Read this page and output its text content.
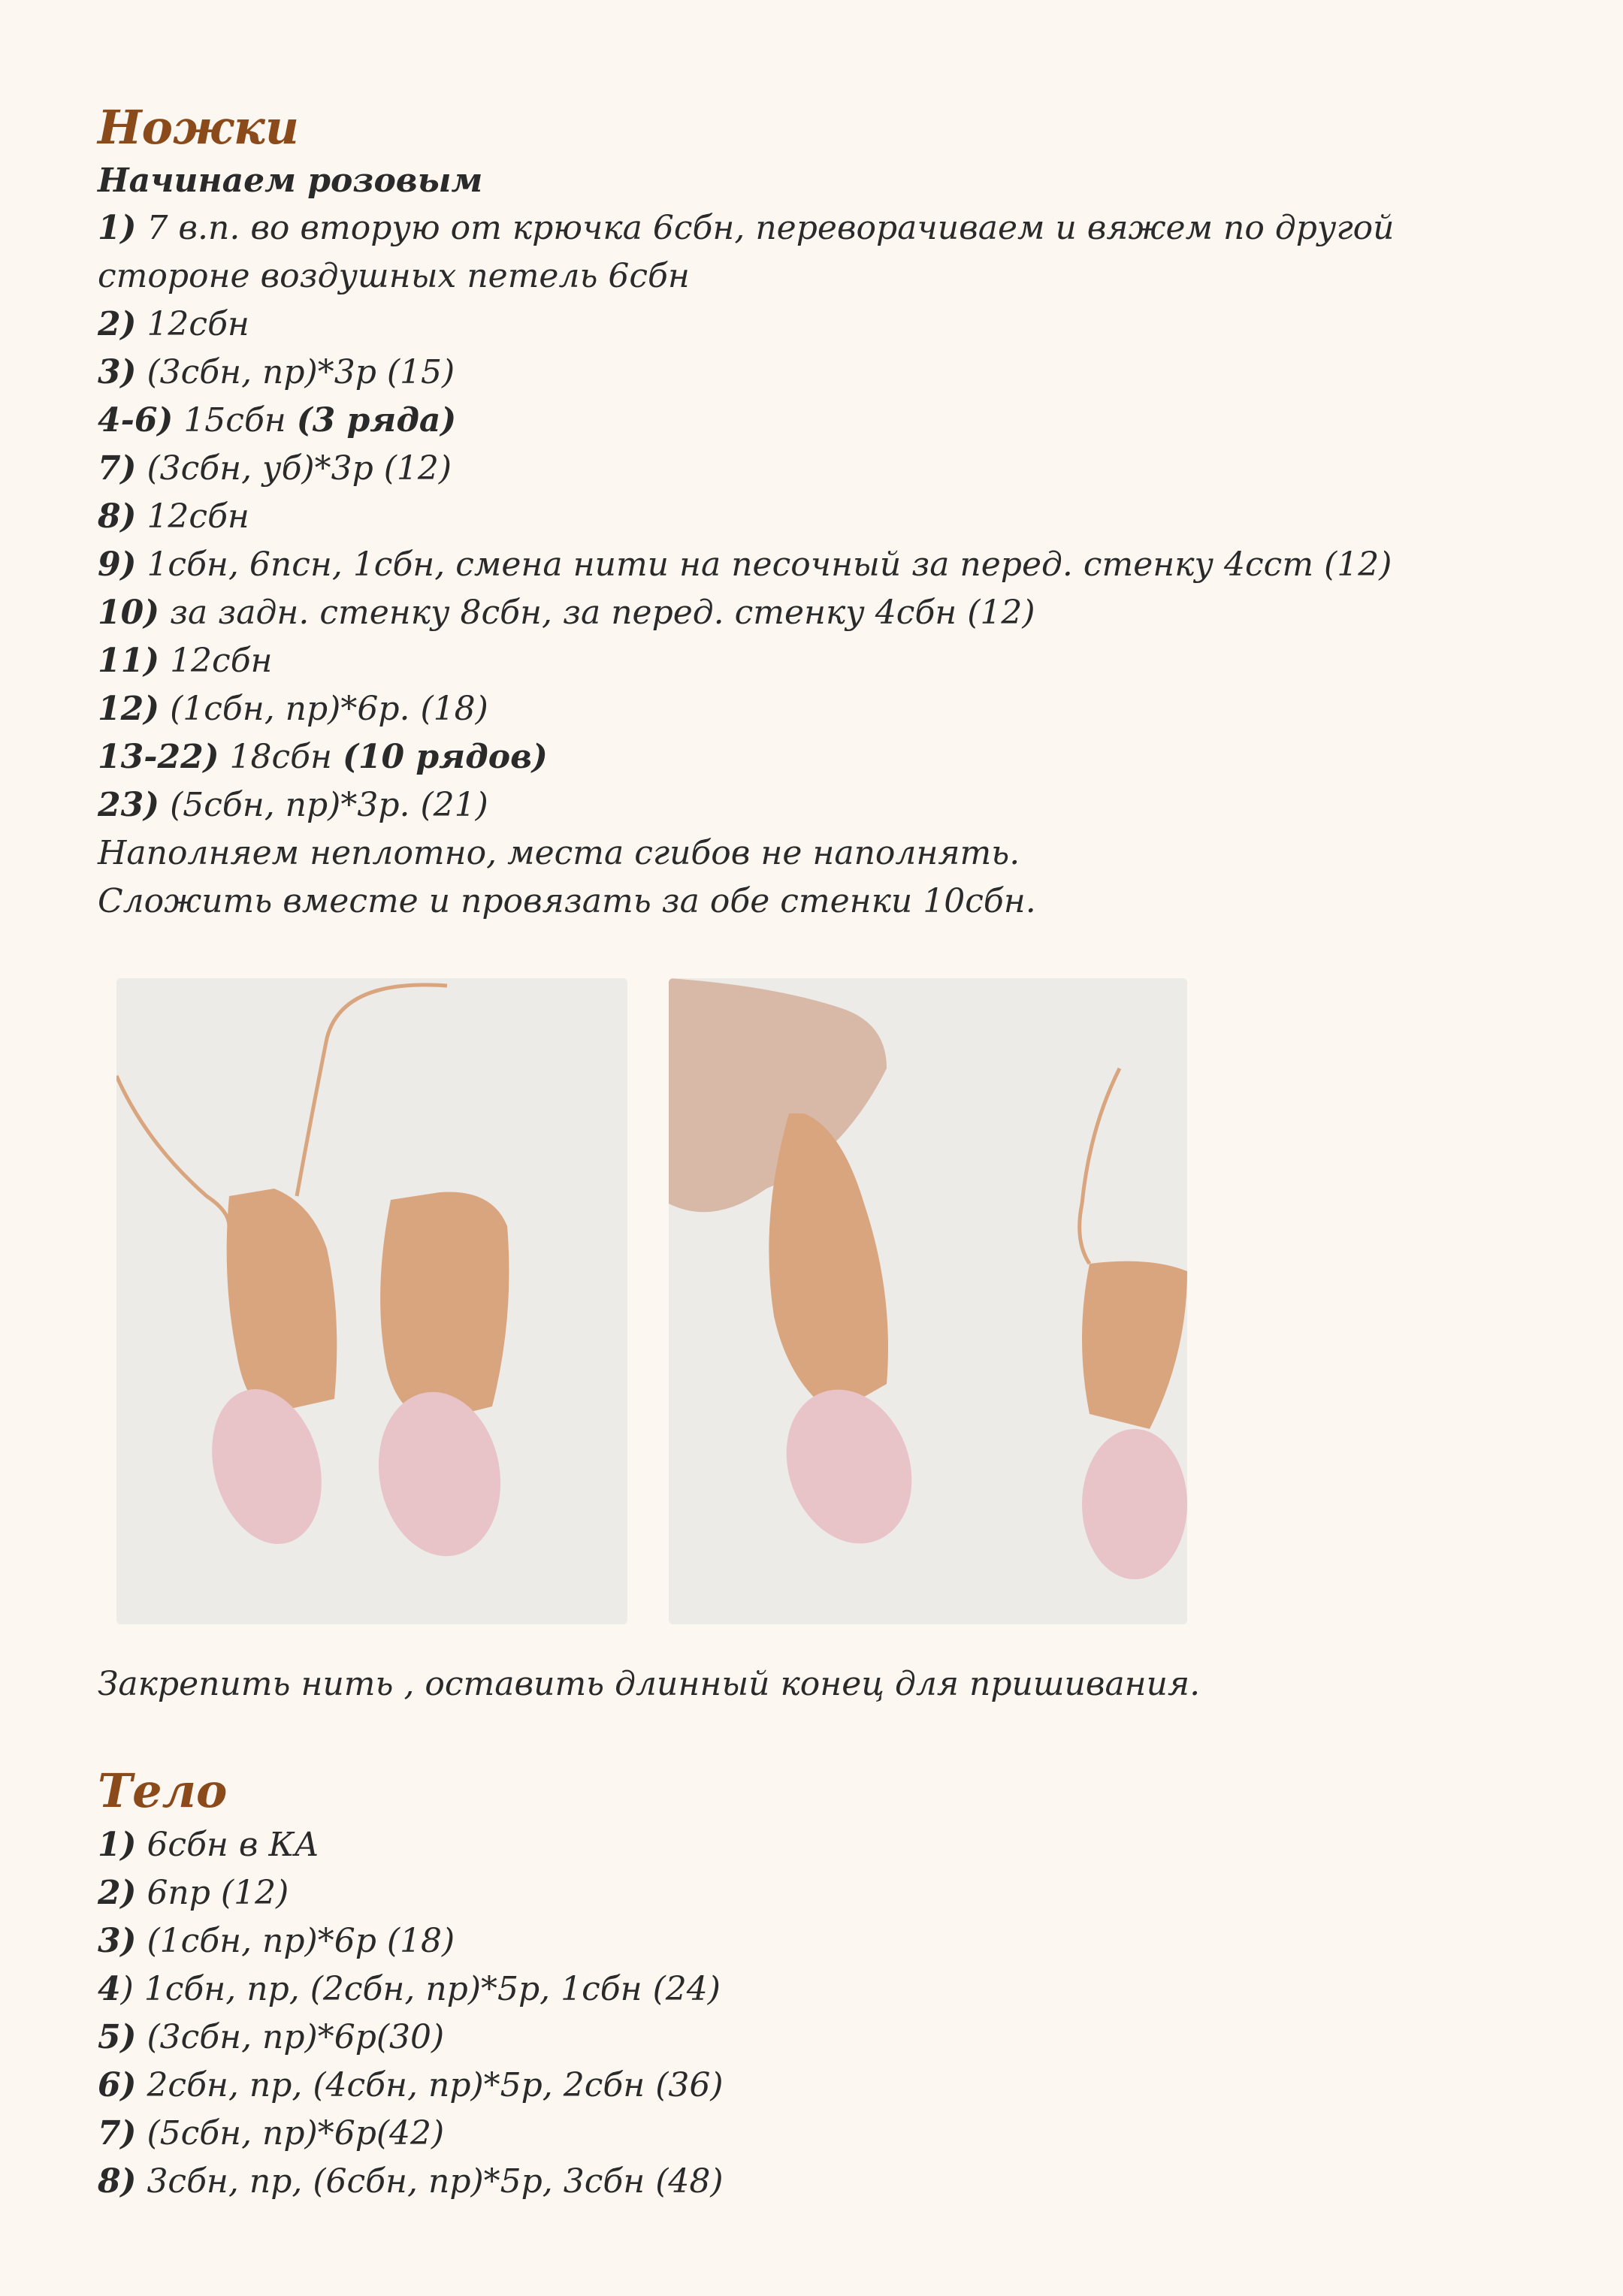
Ножки

Начинаем розовым

1) 7 в.п. во вторую от крючка 6сбн, переворачиваем и вяжем по другой стороне воздушных петель 6сбн

2) 12сбн

3) (3сбн, пр)*3р (15)

4-6) 15сбн (3 ряда)

7) (3сбн, уб)*3р (12)

8) 12сбн

9) 1сбн, 6псн, 1сбн, смена нити на песочный за перед. стенку 4сст (12)

10) за задн. стенку 8сбн, за перед. стенку 4сбн (12)

11) 12сбн

12) (1сбн, пр)*6р. (18)

13-22) 18сбн (10 рядов)

23) (5сбн, пр)*3р. (21)

Наполняем неплотно, места сгибов не наполнять.

Сложить вместе и провязать за обе стенки 10сбн.

Закрепить нить , оставить длинный конец для пришивания.

Тело

1) 6сбн в КА

2) 6пр (12)

3) (1сбн, пр)*6р (18)

4) 1сбн, пр, (2сбн, пр)*5р, 1сбн (24)

5) (3сбн, пр)*6р(30)

6) 2сбн, пр, (4сбн, пр)*5р, 2сбн (36)

7) (5сбн, пр)*6р(42)

8) 3сбн, пр, (6сбн, пр)*5р, 3сбн (48)
